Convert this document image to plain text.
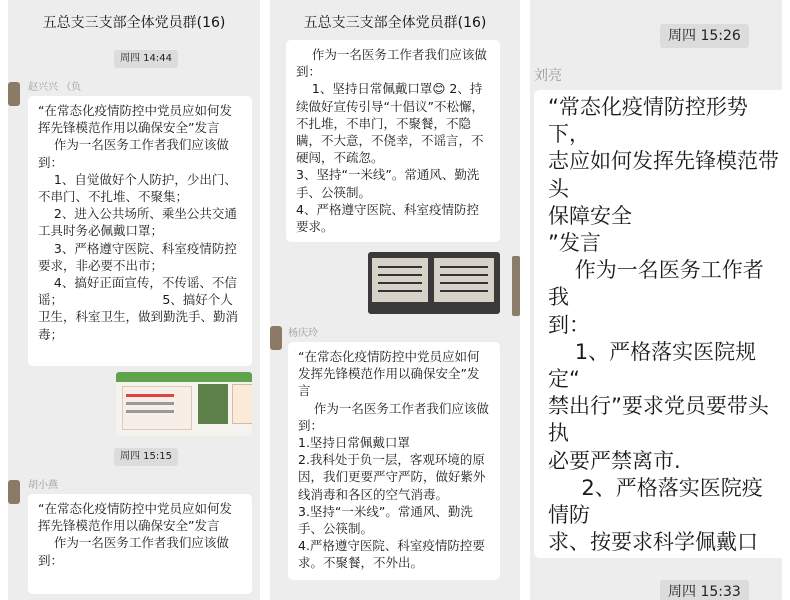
五总支三支部全体党员群(16)
周四 14:44
赵兴兴 （负
“在常态化疫情防控中党员应如何发挥先锋模范作用以确保安全”发言
作为一名医务工作者我们应该做到：
1、自觉做好个人防护，少出门、不串门、不扎堆、不聚集；
2、进入公共场所、乘坐公共交通工具时务必佩戴口罩；
3、严格遵守医院、科室疫情防控要求，非必要不出市；
4、搞好正面宣传，不传谣、不信谣；                         5、搞好个人卫生，科室卫生，做到勤洗手、勤消毒；
周四 15:15
胡小燕
“在常态化疫情防控中党员应如何发挥先锋模范作用以确保安全”发言
作为一名医务工作者我们应该做到：
五总支三支部全体党员群(16)
作为一名医务工作者我们应该做到：
1、坚持日常佩戴口罩😊 2、持续做好宣传引导“十倡议”不松懈，不扎堆，不串门，不聚餐，不隐瞒，不大意，不侥幸，不谣言，不硬闯，不疏忽。
3、坚持“一米线”。常通风、勤洗手、公筷制。
4、严格遵守医院、科室疫情防控要求。
杨庆玲
“在常态化疫情防控中党员应如何发挥先锋模范作用以确保安全”发言
作为一名医务工作者我们应该做到：
1.坚持日常佩戴口罩
2.我科处于负一层，客观环境的原因，我们更要严守严防，做好紫外线消毒和各区的空气消毒。
3.坚持“一米线”。常通风、勤洗手、公筷制。
4.严格遵守医院、科室疫情防控要求。不聚餐，不外出。
周四 15:26
刘亮
“常态化疫情防控形势下，
志应如何发挥先锋模范带头
保障安全
”发言
作为一名医务工作者我
到：
1、严格落实医院规定“
禁出行”要求党员要带头执
必要严禁离市.
2、严格落实医院疫情防
求、按要求科学佩戴口

周四 15:33
